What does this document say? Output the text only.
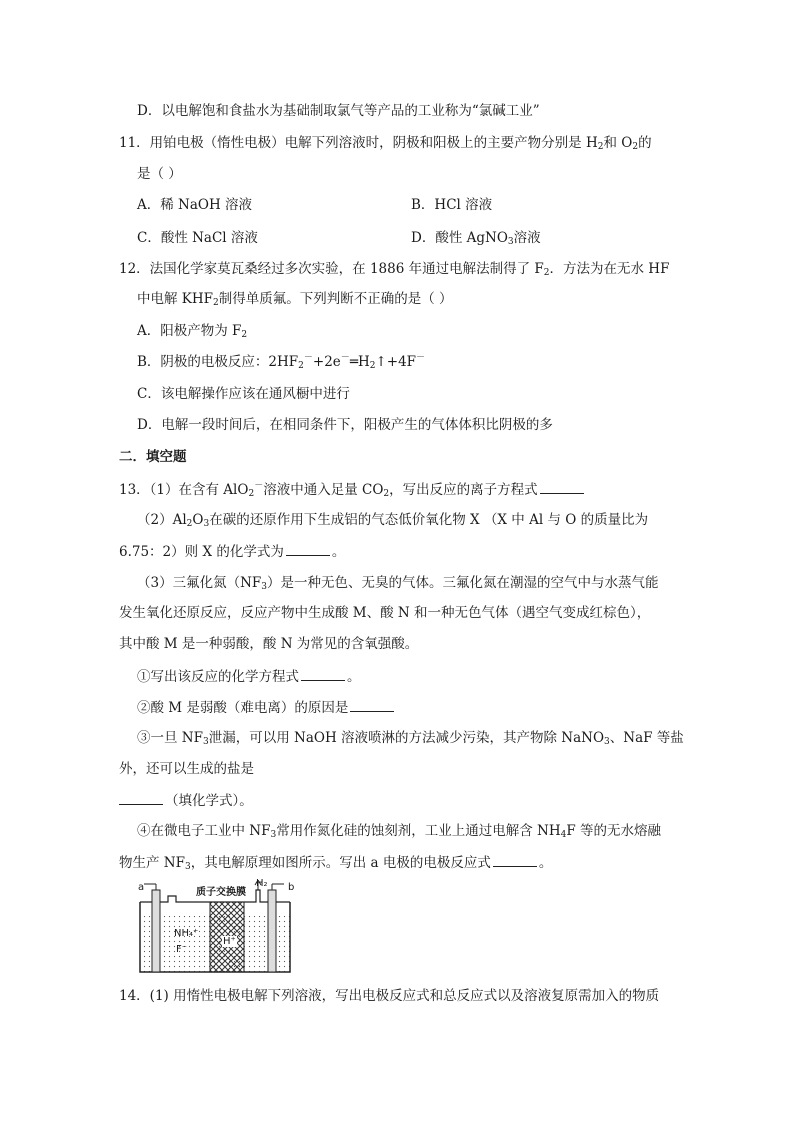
D．以电解饱和食盐水为基础制取氯气等产品的工业称为“氯碱工业”
11．用铂电极（惰性电极）电解下列溶液时，阴极和阳极上的主要产物分别是 $H_2$和 $O_2$的
是（ ）
A．稀 NaOH 溶液	B．HCl 溶液
C．酸性 NaCl 溶液	D．酸性 AgNO$_3$溶液
12．法国化学家莫瓦桑经过多次实验，在 1886 年通过电解法制得了 $F_2$．方法为在无水 HF
中电解 $KHF_2$制得单质氟。下列判断不正确的是（ ）
A．阳极产物为 $F_2$
B．阴极的电极反应：$2HF_2^-+2e^-═H_2↑+4F^-$
C．该电解操作应该在通风橱中进行
D．电解一段时间后，在相同条件下，阳极产生的气体体积比阴极的多
二．填空题
13．（1）在含有 AlO$_2$－溶液中通入足量 $CO_2$，写出反应的离子方程式
$(2)Al_2O_3$在碳的还原作用下生成铝的气态低价氧化物 X （X 中 Al 与 O 的质量比为
6.75：2）则 X 的化学式为	。
（3）三氟化氮$(NF_3)$是一种无色、无臭的气体。三氟化氮在潮湿的空气中与水蒸气能
发生氧化还原反应，反应产物中生成酸 M、酸 N 和一种无色气体（遇空气变成红棕色），
其中酸 M 是一种弱酸，酸 N 为常见的含氧强酸。
①写出该反应的化学方程式	。
②酸 M 是弱酸（难电离）的原因是
③一旦 $NF_3$泄漏，可以用 NaOH 溶液喷淋的方法减少污染，其产物除 NaNO$_3$、NaF 等盐
外，还可以生成的盐是
（填化学式）。
④在微电子工业中 $NF_3$常用作氮化硅的蚀刻剂，工业上通过电解含 $NH_4F$ 等的无水熔融
物生产 $NF_3$，其电解原理如图所示。写出 a 电极的电极反应式	。
a	b
质子交换膜
H₂
NH₄⁺
F⁻
H⁺
14．(1) 用惰性电极电解下列溶液，写出电极反应式和总反应式以及溶液复原需加入的物质
